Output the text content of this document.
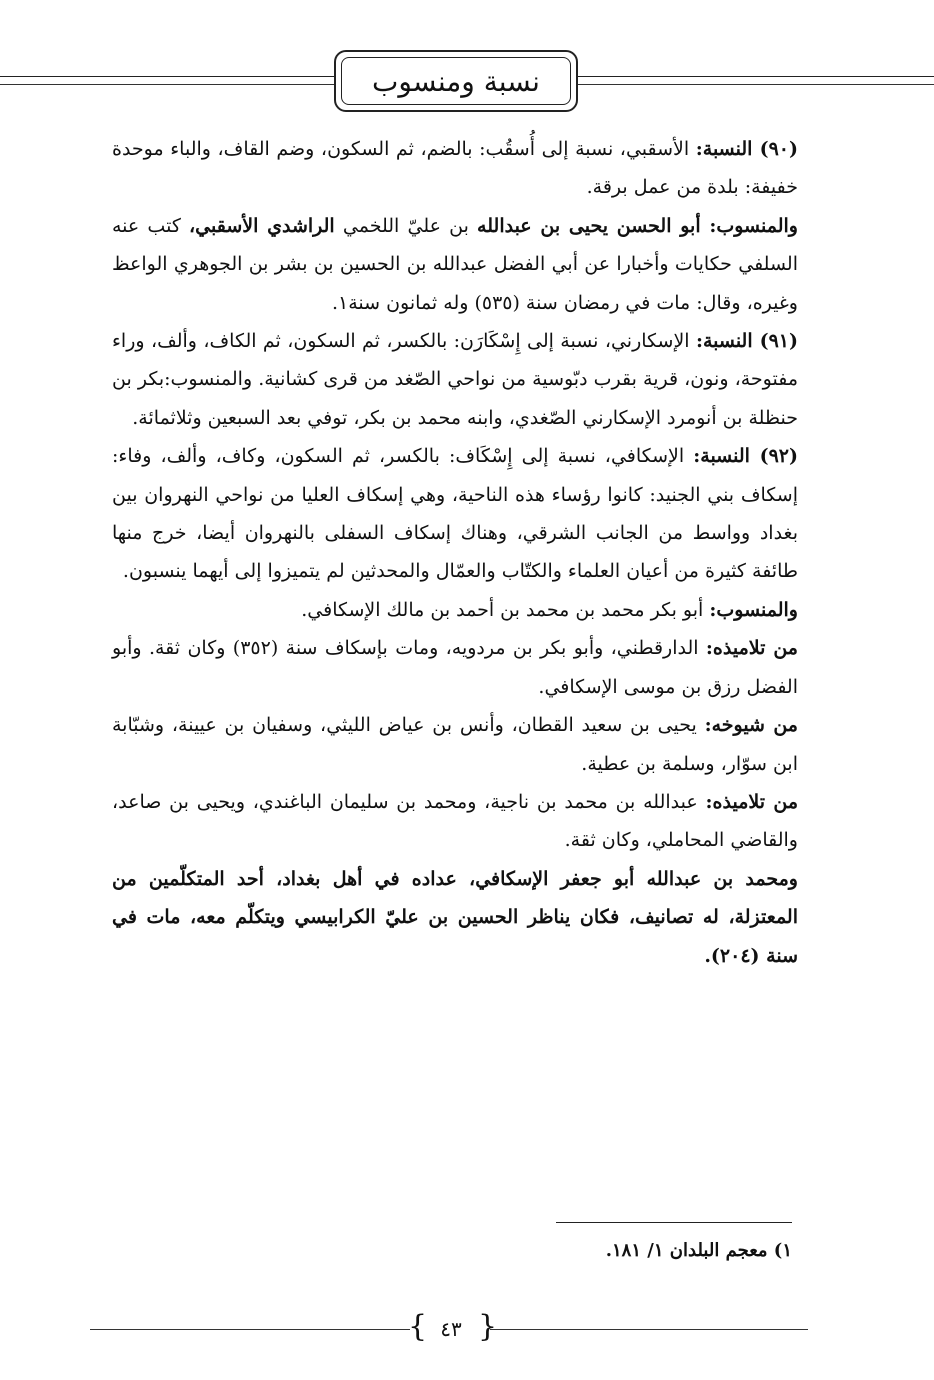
نسبة ومنسوب

(٩٠) النسبة: الأسقبي، نسبة إلى أُسقُب: بالضم، ثم السكون، وضم القاف، والباء موحدة خفيفة: بلدة من عمل برقة.

والمنسوب: أبو الحسن يحيى بن عبدالله بن عليّ اللخمي الراشدي الأسقبي، كتب عنه السلفي حكايات وأخبارا عن أبي الفضل عبدالله بن الحسين بن بشر بن الجوهري الواعظ وغيره، وقال: مات في رمضان سنة (٥٣٥) وله ثمانون سنة١.

(٩١) النسبة: الإسكارني، نسبة إلى إِسْكَارَن: بالكسر، ثم السكون، ثم الكاف، وألف، وراء مفتوحة، ونون، قرية بقرب دبّوسية من نواحي الصّغد من قرى كشانية. والمنسوب:بكر بن حنظلة بن أنومرد الإسكارني الصّغدي، وابنه محمد بن بكر، توفي بعد السبعين وثلاثمائة.

(٩٢) النسبة: الإسكافي، نسبة إلى إِسْكَاف: بالكسر، ثم السكون، وكاف، وألف، وفاء: إسكاف بني الجنيد: كانوا رؤساء هذه الناحية، وهي إسكاف العليا من نواحي النهروان بين بغداد وواسط من الجانب الشرقي، وهناك إسكاف السفلى بالنهروان أيضا، خرج منها طائفة كثيرة من أعيان العلماء والكتّاب والعمّال والمحدثين لم يتميزوا إلى أيهما ينسبون.

والمنسوب: أبو بكر محمد بن محمد بن أحمد بن مالك الإسكافي.

من تلاميذه: الدارقطني، وأبو بكر بن مردويه، ومات بإسكاف سنة (٣٥٢) وكان ثقة. وأبو الفضل رزق بن موسى الإسكافي.

من شيوخه: يحيى بن سعيد القطان، وأنس بن عياض الليثي، وسفيان بن عيينة، وشبّابة ابن سوّار، وسلمة بن عطية.

من تلاميذه: عبدالله بن محمد بن ناجية، ومحمد بن سليمان الباغندي، ويحيى بن صاعد، والقاضي المحاملي، وكان ثقة.

ومحمد بن عبدالله أبو جعفر الإسكافي، عداده في أهل بغداد، أحد المتكلّمين من المعتزلة، له تصانيف، فكان يناظر الحسين بن عليّ الكرابيسي ويتكلّم معه، مات في سنة (٢٠٤).

١) معجم البلدان ١/ ١٨١.
{ ٤٣ }
